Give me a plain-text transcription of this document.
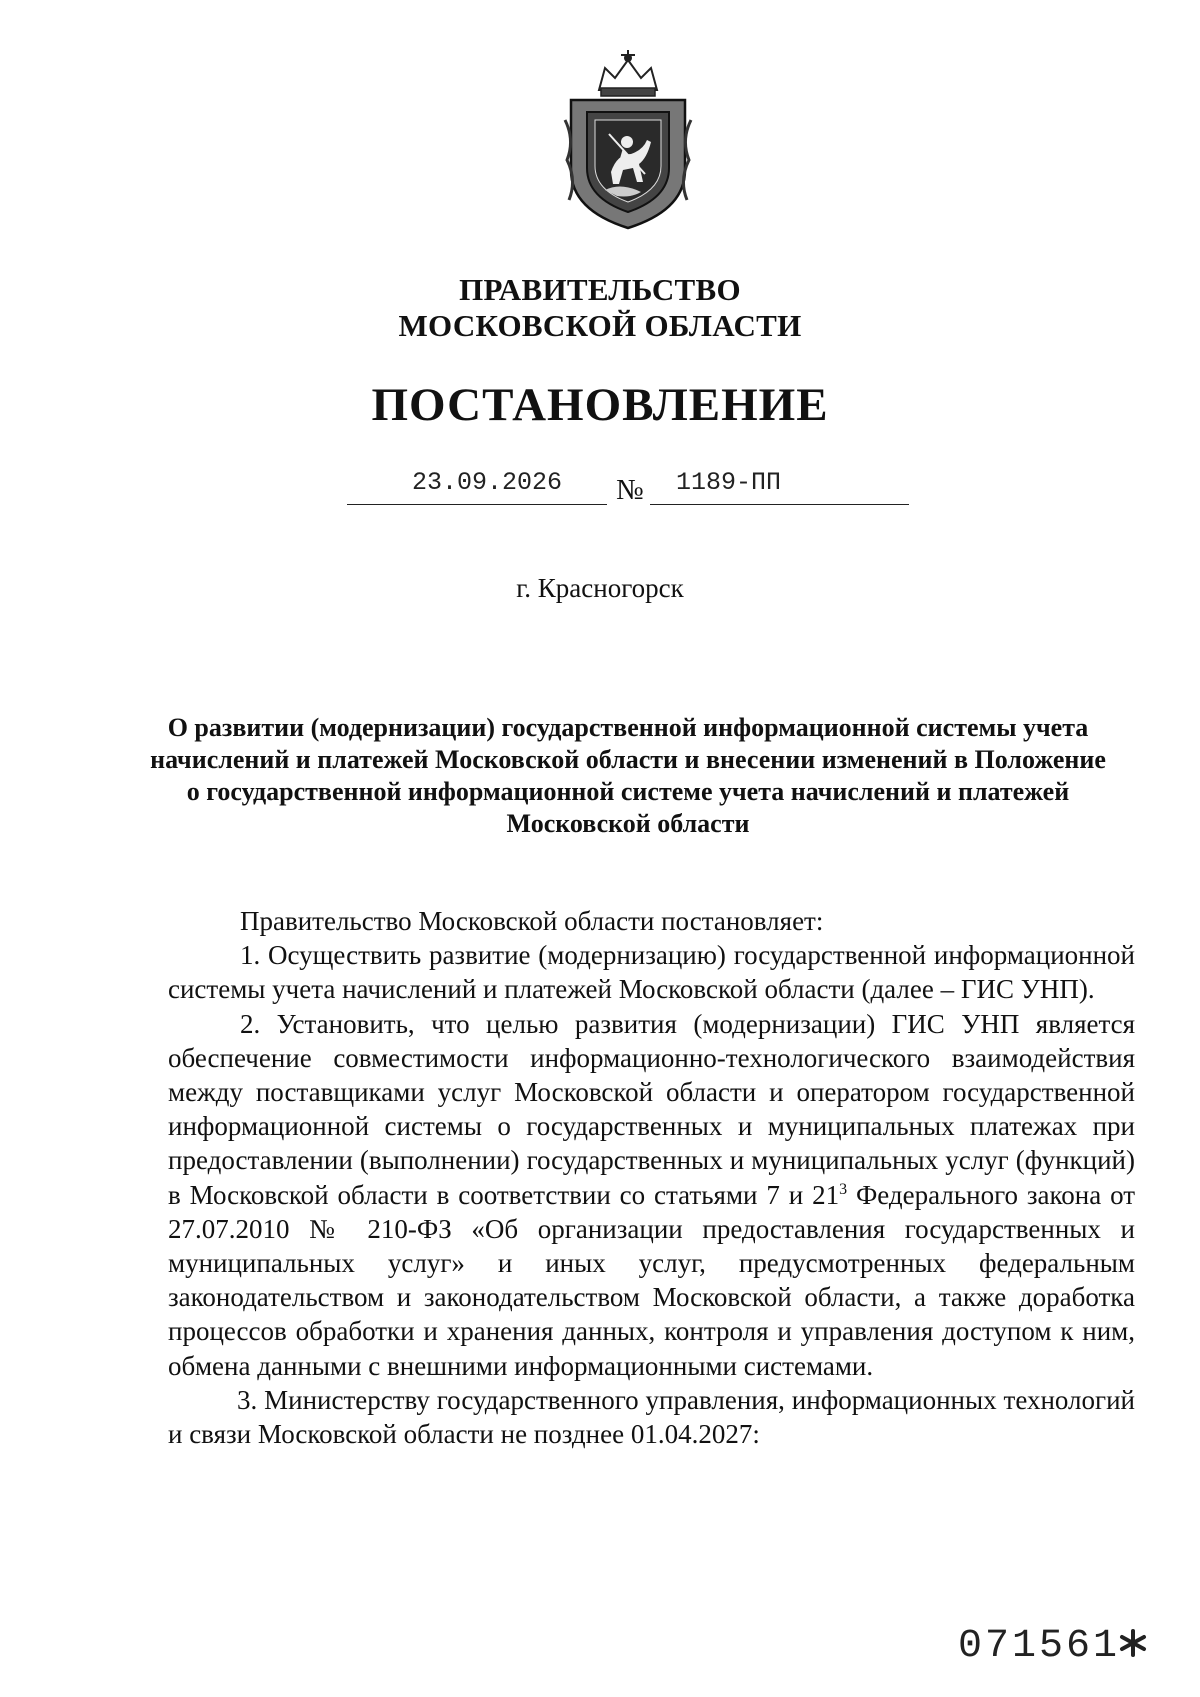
ПРАВИТЕЛЬСТВО
МОСКОВСКОЙ ОБЛАСТИ
ПОСТАНОВЛЕНИЕ
23.09.2026 № 1189-ПП
г. Красногорск
О развитии (модернизации) государственной информационной системы учета начислений и платежей Московской области и внесении изменений в Положение о государственной информационной системе учета начислений и платежей Московской области

Правительство Московской области постановляет:

1. Осуществить развитие (модернизацию) государственной информационной системы учета начислений и платежей Московской области (далее – ГИС УНП).

2. Установить, что целью развития (модернизации) ГИС УНП является обеспечение совместимости информационно-технологического взаимодействия между поставщиками услуг Московской области и оператором государственной информационной системы о государственных и муниципальных платежах при предоставлении (выполнении) государственных и муниципальных услуг (функций) в Московской области в соответствии со статьями 7 и $21^3$ Федерального закона от 27.07.2010 № 210-ФЗ «Об организации предоставления государственных и муниципальных услуг» и иных услуг, предусмотренных федеральным законодательством и законодательством Московской области, а также доработка процессов обработки и хранения данных, контроля и управления доступом к ним, обмена данными с внешними информационными системами.

3. Министерству государственного управления, информационных технологий и связи Московской области не позднее 01.04.2027:

071561
